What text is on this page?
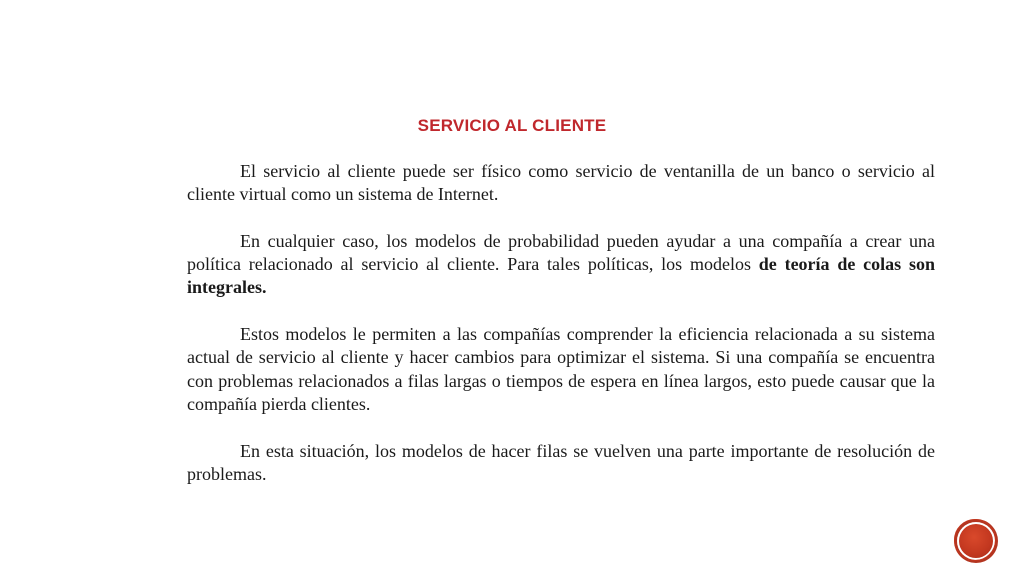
SERVICIO AL CLIENTE

El servicio al cliente puede ser físico como servicio de ventanilla de un banco o servicio al cliente virtual como un sistema de Internet.

En cualquier caso, los modelos de probabilidad pueden ayudar a una compañía a crear una política relacionado al servicio al cliente. Para tales políticas, los modelos de teoría de colas son integrales.

Estos modelos le permiten a las compañías comprender la eficiencia relacionada a su sistema actual de servicio al cliente y hacer cambios para optimizar el sistema. Si una compañía se encuentra con problemas relacionados a filas largas o tiempos de espera en línea largos, esto puede causar que la compañía pierda clientes.

En esta situación, los modelos de hacer filas se vuelven una parte importante de resolución de problemas.
